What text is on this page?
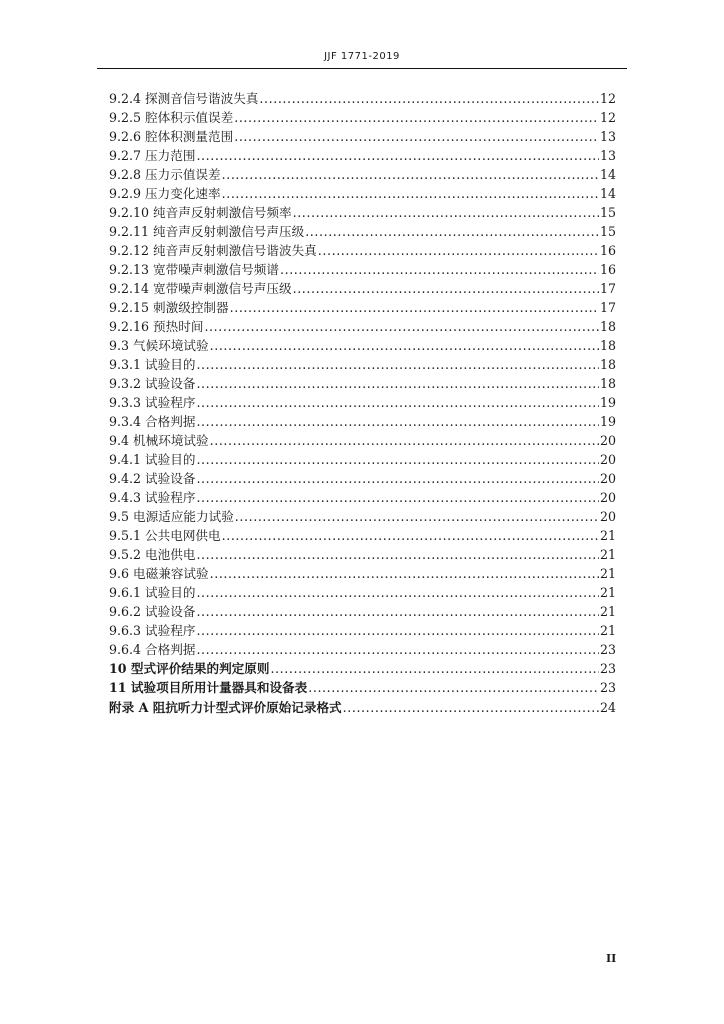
JJF 1771-2019
9.2.4 探测音信号谐波失真 .....	12
9.2.5 腔体积示值误差 .....	12
9.2.6 腔体积测量范围 .....	13
9.2.7 压力范围 .....	13
9.2.8 压力示值误差 .....	14
9.2.9 压力变化速率 .....	14
9.2.10 纯音声反射刺激信号频率 .....	15
9.2.11 纯音声反射刺激信号声压级 .....	15
9.2.12 纯音声反射刺激信号谐波失真 .....	16
9.2.13 宽带噪声刺激信号频谱 .....	16
9.2.14 宽带噪声刺激信号声压级 .....	17
9.2.15 刺激级控制器 .....	17
9.2.16 预热时间 .....	18
9.3 气候环境试验 .....	18
9.3.1 试验目的 .....	18
9.3.2 试验设备 .....	18
9.3.3 试验程序 .....	19
9.3.4 合格判据 .....	19
9.4 机械环境试验 .....	20
9.4.1 试验目的 .....	20
9.4.2 试验设备 .....	20
9.4.3 试验程序 .....	20
9.5 电源适应能力试验 .....	20
9.5.1 公共电网供电 .....	21
9.5.2 电池供电 .....	21
9.6 电磁兼容试验 .....	21
9.6.1 试验目的 .....	21
9.6.2 试验设备 .....	21
9.6.3 试验程序 .....	21
9.6.4 合格判据 .....	23
10 型式评价结果的判定原则 .....	23
11 试验项目所用计量器具和设备表 .....	23
附录 A 阻抗听力计型式评价原始记录格式 .....	24
II
